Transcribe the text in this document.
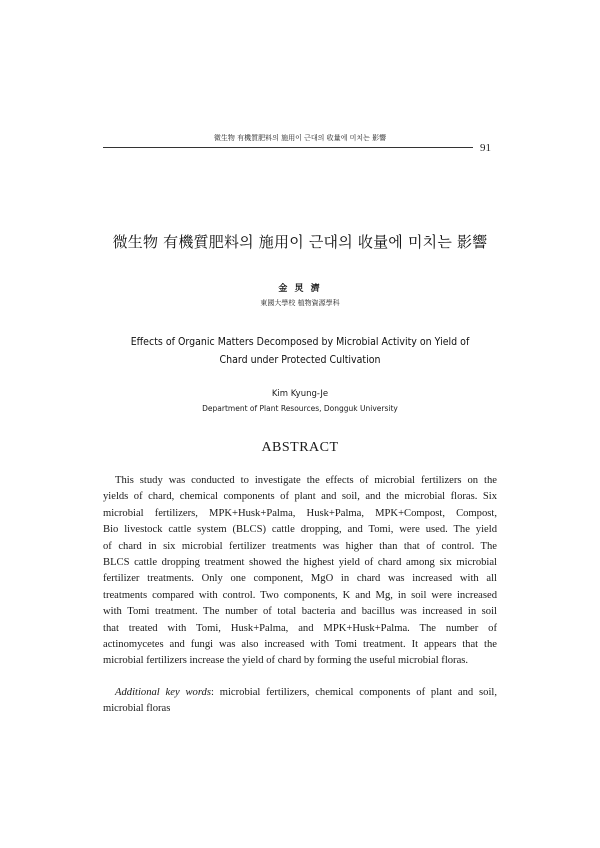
微生物 有機質肥料의 施用이 근대의 收量에 미치는 影響
91
微生物 有機質肥料의 施用이 근대의 收量에 미치는 影響
金 炅 濟
東國大學校 植物資源學科
Effects of Organic Matters Decomposed by Microbial Activity on Yield of
Chard under Protected Cultivation
Kim Kyung-Je
Department of Plant Resources, Dongguk University
ABSTRACT
This study was conducted to investigate the effects of microbial fertilizers on the
yields of chard, chemical components of plant and soil, and the microbial floras. Six
microbial fertilizers, MPK+Husk+Palma, Husk+Palma, MPK+Compost, Compost,
Bio livestock cattle system (BLCS) cattle dropping, and Tomi, were used. The yield
of chard in six microbial fertilizer treatments was higher than that of control. The
BLCS cattle dropping treatment showed the highest yield of chard among six microbial
fertilizer treatments. Only one component, MgO in chard was increased with all
treatments compared with control. Two components, K and Mg, in soil were increased
with Tomi treatment. The number of total bacteria and bacillus was increased in soil
that treated with Tomi, Husk+Palma, and MPK+Husk+Palma. The number of
actinomycetes and fungi was also increased with Tomi treatment. It appears that the
microbial fertilizers increase the yield of chard by forming the useful microbial floras.
Additional key words: microbial fertilizers, chemical components of plant and soil,
microbial floras
